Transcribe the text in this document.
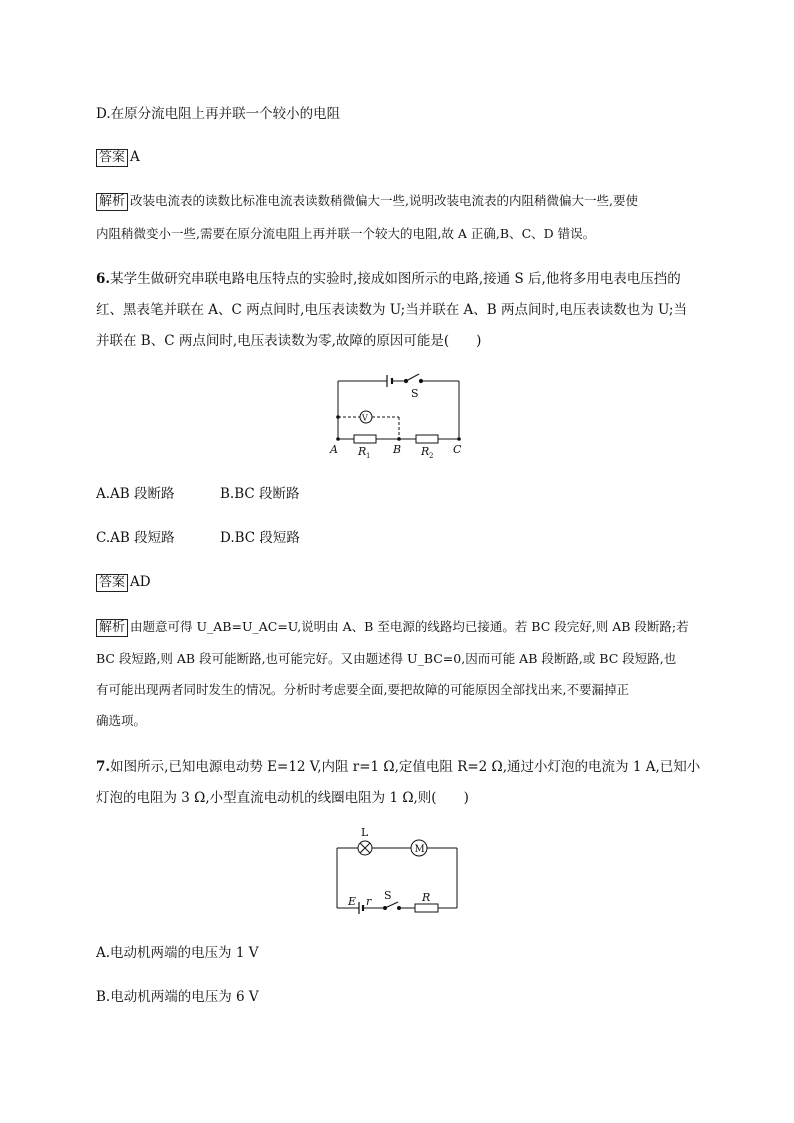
D.在原分流电阻上再并联一个较小的电阻
答案 A
解析 改装电流表的读数比标准电流表读数稍微偏大一些,说明改装电流表的内阻稍微偏大一些,要使
内阻稍微变小一些,需要在原分流电阻上再并联一个较大的电阻,故 A 正确,B、C、D 错误。
6.某学生做研究串联电路电压特点的实验时,接成如图所示的电路,接通 S 后,他将多用电表电压挡的
红、黑表笔并联在 A、C 两点间时,电压表读数为 U;当并联在 A、B 两点间时,电压表读数也为 U;当
并联在 B、C 两点间时,电压表读数为零,故障的原因可能是(　　)
V
S
A R 1 B R 2 C
A.AB 段断路	B.BC 段断路
C.AB 段短路	D.BC 段短路
答案 AD
解析 由题意可得 U_AB=U_AC=U,说明由 A、B 至电源的线路均已接通。若 BC 段完好,则 AB 段断路;若
BC 段短路,则 AB 段可能断路,也可能完好。又由题述得 U_BC=0,因而可能 AB 段断路,或 BC 段短路,也
有可能出现两者同时发生的情况。分析时考虑要全面,要把故障的可能原因全部找出来,不要漏掉正
确选项。
7.如图所示,已知电源电动势 E=12 V,内阻 r=1 Ω,定值电阻 R=2 Ω,通过小灯泡的电流为 1 A,已知小
灯泡的电阻为 3 Ω,小型直流电动机的线圈电阻为 1 Ω,则(　　)
L
M
E r S	R
A.电动机两端的电压为 1 V
B.电动机两端的电压为 6 V
